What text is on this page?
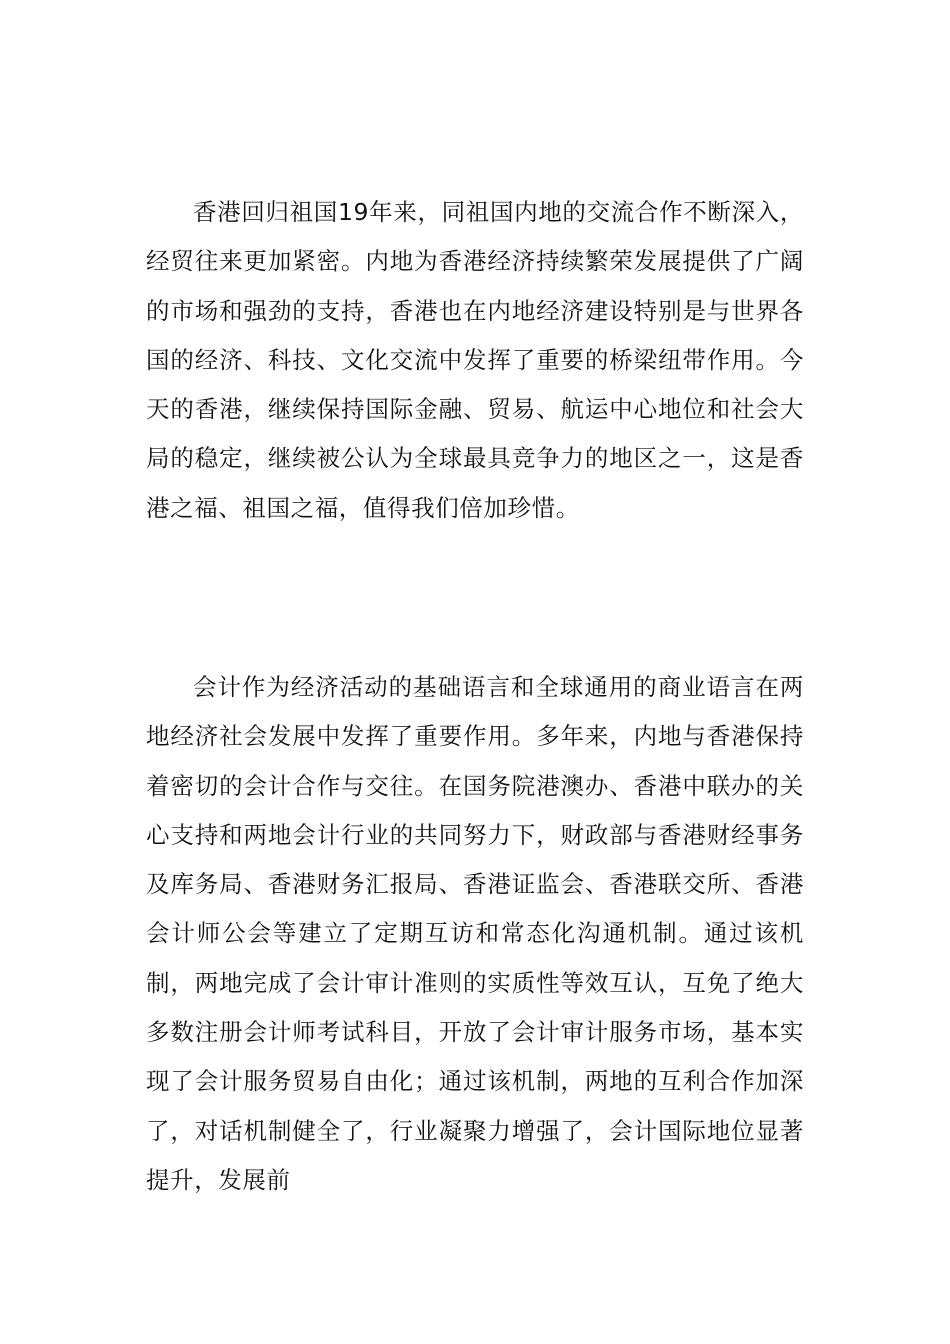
香港回归祖国19年来，同祖国内地的交流合作不断深入，经贸往来更加紧密。内地为香港经济持续繁荣发展提供了广阔的市场和强劲的支持，香港也在内地经济建设特别是与世界各国的经济、科技、文化交流中发挥了重要的桥梁纽带作用。今天的香港，继续保持国际金融、贸易、航运中心地位和社会大局的稳定，继续被公认为全球最具竞争力的地区之一，这是香港之福、祖国之福，值得我们倍加珍惜。

会计作为经济活动的基础语言和全球通用的商业语言在两地经济社会发展中发挥了重要作用。多年来，内地与香港保持着密切的会计合作与交往。在国务院港澳办、香港中联办的关心支持和两地会计行业的共同努力下，财政部与香港财经事务及库务局、香港财务汇报局、香港证监会、香港联交所、香港会计师公会等建立了定期互访和常态化沟通机制。通过该机制，两地完成了会计审计准则的实质性等效互认，互免了绝大多数注册会计师考试科目，开放了会计审计服务市场，基本实现了会计服务贸易自由化；通过该机制，两地的互利合作加深了，对话机制健全了，行业凝聚力增强了，会计国际地位显著提升，发展前
